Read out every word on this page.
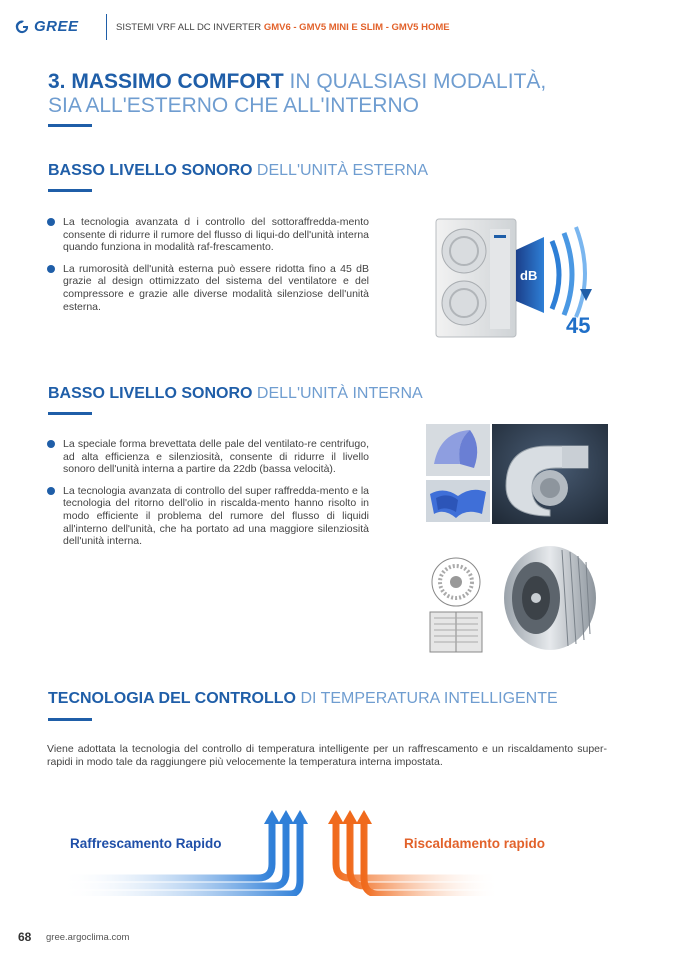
GREE	SISTEMI VRF ALL DC INVERTER GMV6 - GMV5 MINI E SLIM - GMV5 HOME
3. MASSIMO COMFORT IN QUALSIASI MODALITÀ,
SIA ALL'ESTERNO CHE ALL'INTERNO
BASSO LIVELLO SONORO DELL'UNITÀ ESTERNA
La tecnologia avanzata d i controllo del sottoraffredda-mento consente di ridurre il rumore del flusso di liqui-do dell'unità interna quando funziona in modalità raf-frescamento.
La rumorosità dell'unità esterna può essere ridotta fino a 45 dB grazie al design ottimizzato del sistema del ventilatore e del compressore e grazie alle diverse modalità silenziose dell'unità esterna.
dB
45
BASSO LIVELLO SONORO DELL'UNITÀ INTERNA
La speciale forma brevettata delle pale del ventilato-re centrifugo, ad alta efficienza e silenziosità, consente di ridurre il livello sonoro dell'unità interna a partire da 22db (bassa velocità).
La tecnologia avanzata di controllo del super raffredda-mento e la tecnologia del ritorno dell'olio in riscalda-mento hanno risolto in modo efficiente il problema del rumore del flusso di liquidi all'interno dell'unità, che ha portato ad una maggiore silenziosità dell'unità interna.
TECNOLOGIA DEL CONTROLLO DI TEMPERATURA INTELLIGENTE
Viene adottata la tecnologia del controllo di temperatura intelligente per un raffrescamento e un riscaldamento super-rapidi in modo tale da raggiungere più velocemente la temperatura interna impostata.
Raffrescamento Rapido	Riscaldamento rapido
68 gree.argoclima.com
